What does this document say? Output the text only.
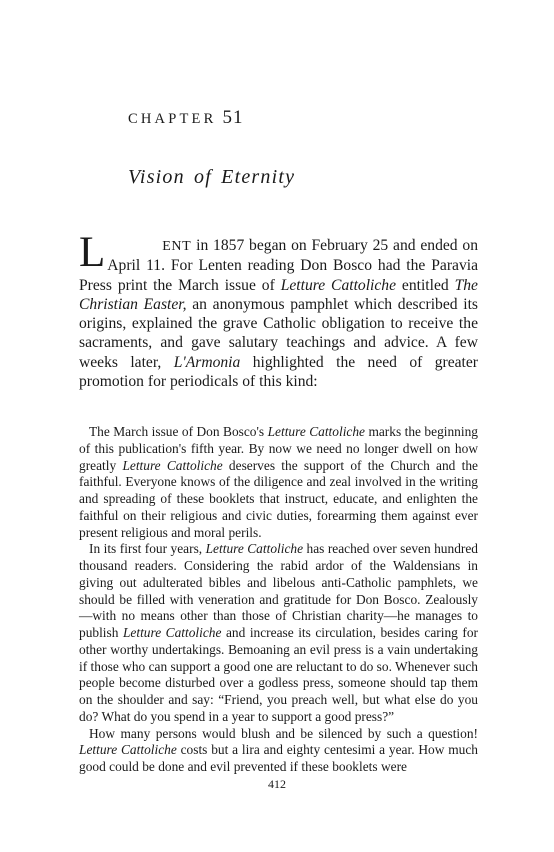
CHAPTER 51
Vision of Eternity
L	ENT in 1857 began on February 25 and ended on April 11. For Lenten reading Don Bosco had the Paravia Press print the March issue of Letture Cattoliche entitled The Christian Easter, an anonymous pamphlet which described its origins, explained the grave Catholic obligation to receive the sacraments, and gave salutary teachings and advice. A few weeks later, L'Armonia highlighted the need of greater promotion for periodicals of this kind:

The March issue of Don Bosco's Letture Cattoliche marks the beginning of this publication's fifth year. By now we need no longer dwell on how greatly Letture Cattoliche deserves the support of the Church and the faithful. Everyone knows of the diligence and zeal involved in the writing and spreading of these booklets that instruct, educate, and enlighten the faithful on their religious and civic duties, forearming them against ever present religious and moral perils.

In its first four years, Letture Cattoliche has reached over seven hundred thousand readers. Considering the rabid ardor of the Waldensians in giving out adulterated bibles and libelous anti-Catholic pamphlets, we should be filled with veneration and gratitude for Don Bosco. Zealously—with no means other than those of Christian charity—he manages to publish Letture Cattoliche and increase its circulation, besides caring for other worthy undertakings. Bemoaning an evil press is a vain undertaking if those who can support a good one are reluctant to do so. Whenever such people become disturbed over a godless press, someone should tap them on the shoulder and say: “Friend, you preach well, but what else do you do? What do you spend in a year to support a good press?”

How many persons would blush and be silenced by such a question! Letture Cattoliche costs but a lira and eighty centesimi a year. How much good could be done and evil prevented if these booklets were

412
